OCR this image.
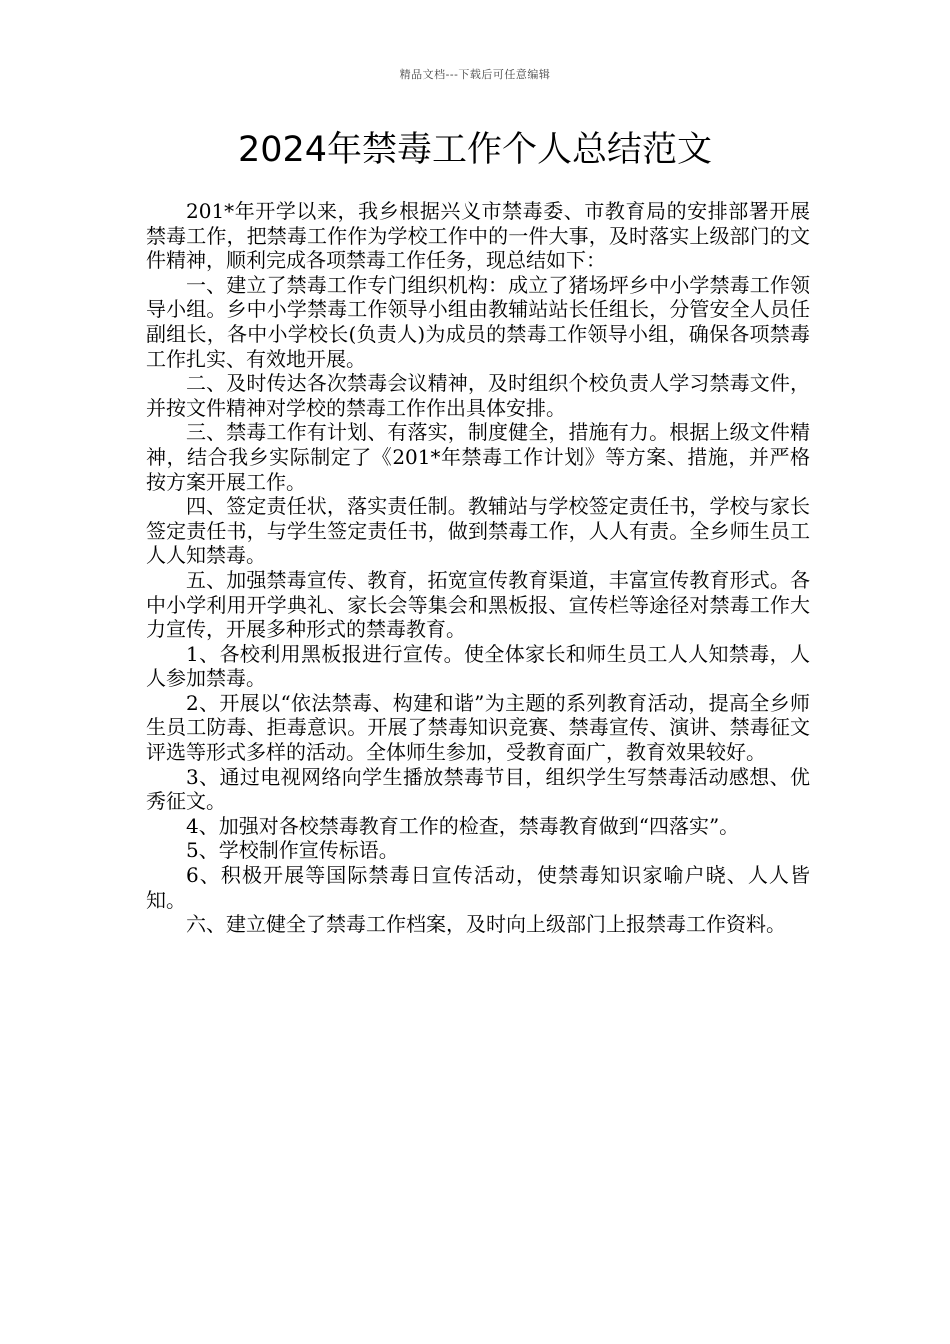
精品文档---下载后可任意编辑
2024年禁毒工作个人总结范文

201*年开学以来，我乡根据兴义市禁毒委、市教育局的安排部署开展禁毒工作，把禁毒工作作为学校工作中的一件大事，及时落实上级部门的文件精神，顺利完成各项禁毒工作任务，现总结如下：

一、建立了禁毒工作专门组织机构：成立了猪场坪乡中小学禁毒工作领导小组。乡中小学禁毒工作领导小组由教辅站站长任组长，分管安全人员任副组长，各中小学校长(负责人)为成员的禁毒工作领导小组，确保各项禁毒工作扎实、有效地开展。

二、及时传达各次禁毒会议精神，及时组织个校负责人学习禁毒文件，并按文件精神对学校的禁毒工作作出具体安排。

三、禁毒工作有计划、有落实，制度健全，措施有力。根据上级文件精神，结合我乡实际制定了《201*年禁毒工作计划》等方案、措施，并严格按方案开展工作。

四、签定责任状，落实责任制。教辅站与学校签定责任书，学校与家长签定责任书，与学生签定责任书，做到禁毒工作，人人有责。全乡师生员工人人知禁毒。

五、加强禁毒宣传、教育，拓宽宣传教育渠道，丰富宣传教育形式。各中小学利用开学典礼、家长会等集会和黑板报、宣传栏等途径对禁毒工作大力宣传，开展多种形式的禁毒教育。

1、各校利用黑板报进行宣传。使全体家长和师生员工人人知禁毒，人人参加禁毒。

2、开展以“依法禁毒、构建和谐”为主题的系列教育活动，提高全乡师生员工防毒、拒毒意识。开展了禁毒知识竞赛、禁毒宣传、演讲、禁毒征文评选等形式多样的活动。全体师生参加，受教育面广，教育效果较好。

3、通过电视网络向学生播放禁毒节目，组织学生写禁毒活动感想、优秀征文。

4、加强对各校禁毒教育工作的检查，禁毒教育做到“四落实”。

5、学校制作宣传标语。

6、积极开展等国际禁毒日宣传活动，使禁毒知识家喻户晓、人人皆知。

六、建立健全了禁毒工作档案，及时向上级部门上报禁毒工作资料。
